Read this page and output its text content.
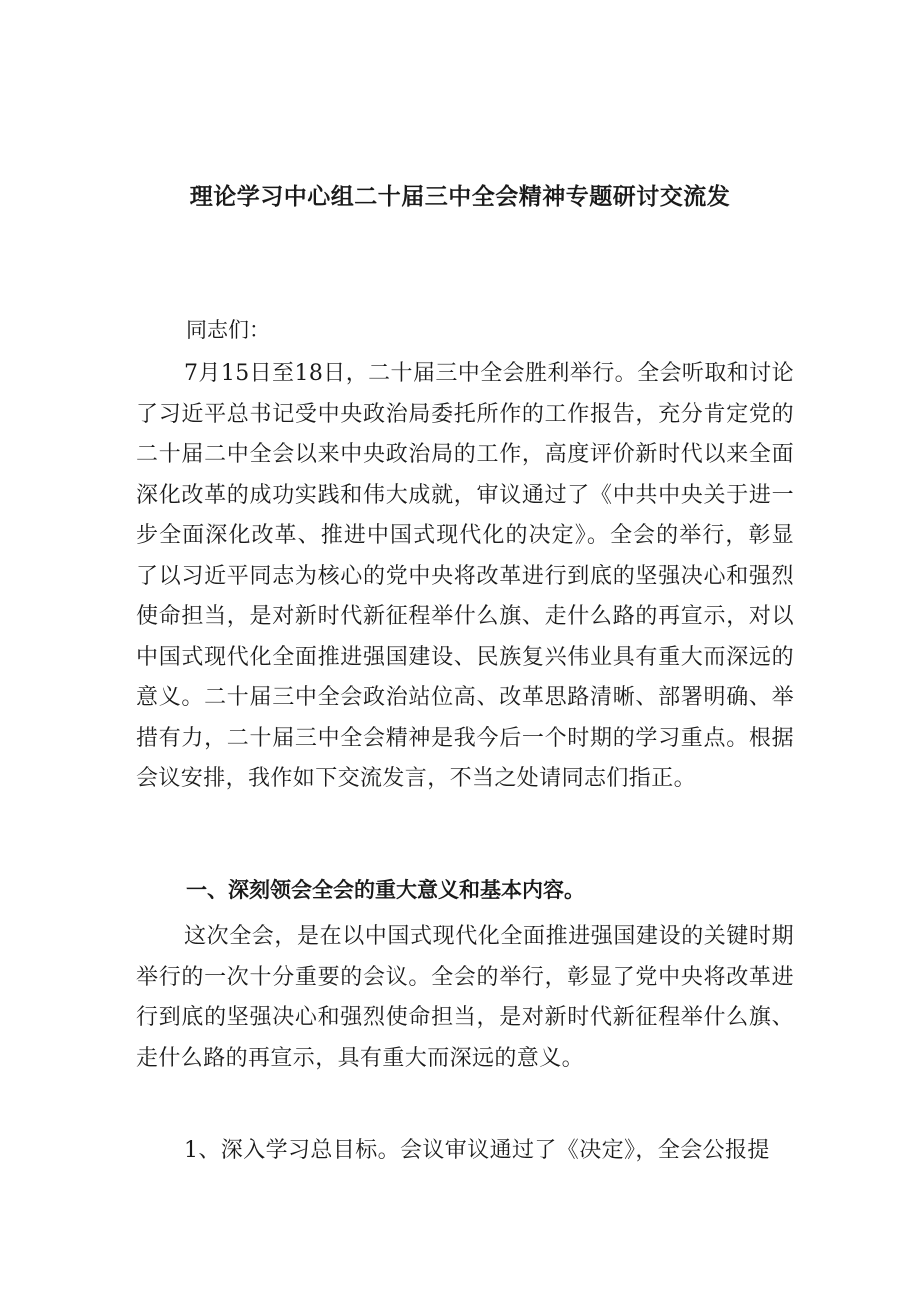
理论学习中心组二十届三中全会精神专题研讨交流发

同志们：

7月15日至18日，二十届三中全会胜利举行。全会听取和讨论了习近平总书记受中央政治局委托所作的工作报告，充分肯定党的二十届二中全会以来中央政治局的工作，高度评价新时代以来全面深化改革的成功实践和伟大成就，审议通过了《中共中央关于进一步全面深化改革、推进中国式现代化的决定》。全会的举行，彰显了以习近平同志为核心的党中央将改革进行到底的坚强决心和强烈使命担当，是对新时代新征程举什么旗、走什么路的再宣示，对以中国式现代化全面推进强国建设、民族复兴伟业具有重大而深远的意义。二十届三中全会政治站位高、改革思路清晰、部署明确、举措有力，二十届三中全会精神是我今后一个时期的学习重点。根据会议安排，我作如下交流发言，不当之处请同志们指正。

一、深刻领会全会的重大意义和基本内容。

这次全会，是在以中国式现代化全面推进强国建设的关键时期举行的一次十分重要的会议。全会的举行，彰显了党中央将改革进行到底的坚强决心和强烈使命担当，是对新时代新征程举什么旗、走什么路的再宣示，具有重大而深远的意义。

1、深入学习总目标。会议审议通过了《决定》，全会公报提
